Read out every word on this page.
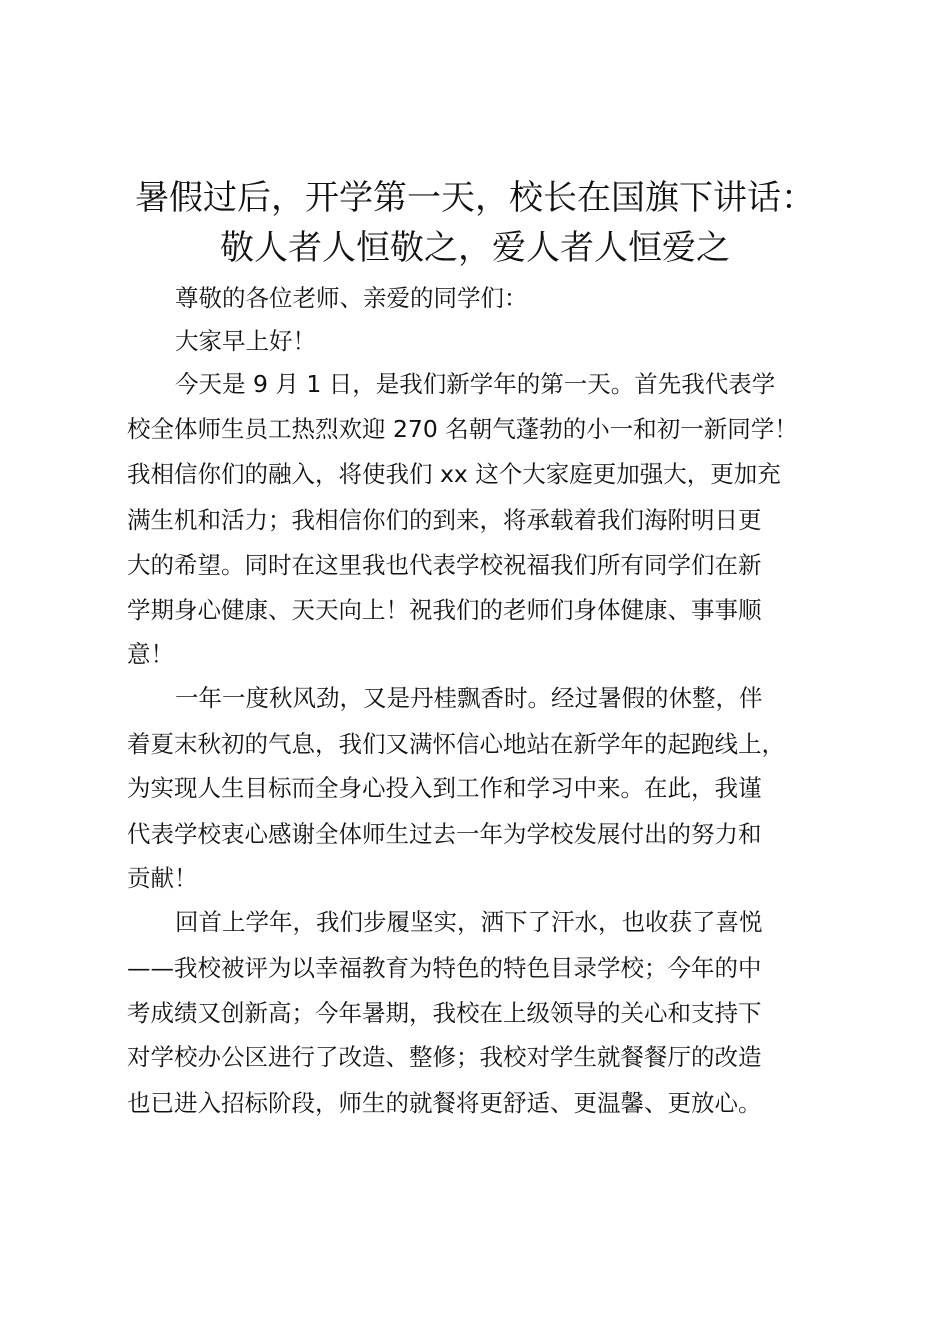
暑假过后，开学第一天，校长在国旗下讲话：
敬人者人恒敬之，爱人者人恒爱之

尊敬的各位老师、亲爱的同学们：

大家早上好！

今天是 9 月 1 日，是我们新学年的第一天。首先我代表学

校全体师生员工热烈欢迎 270 名朝气蓬勃的小一和初一新同学！

我相信你们的融入，将使我们 xx 这个大家庭更加强大，更加充

满生机和活力；我相信你们的到来，将承载着我们海附明日更

大的希望。同时在这里我也代表学校祝福我们所有同学们在新

学期身心健康、天天向上！祝我们的老师们身体健康、事事顺

意！

一年一度秋风劲，又是丹桂飘香时。经过暑假的休整，伴

着夏末秋初的气息，我们又满怀信心地站在新学年的起跑线上，

为实现人生目标而全身心投入到工作和学习中来。在此，我谨

代表学校衷心感谢全体师生过去一年为学校发展付出的努力和

贡献！

回首上学年，我们步履坚实，洒下了汗水，也收获了喜悦

——我校被评为以幸福教育为特色的特色目录学校；今年的中

考成绩又创新高；今年暑期，我校在上级领导的关心和支持下

对学校办公区进行了改造、整修；我校对学生就餐餐厅的改造

也已进入招标阶段，师生的就餐将更舒适、更温馨、更放心。
